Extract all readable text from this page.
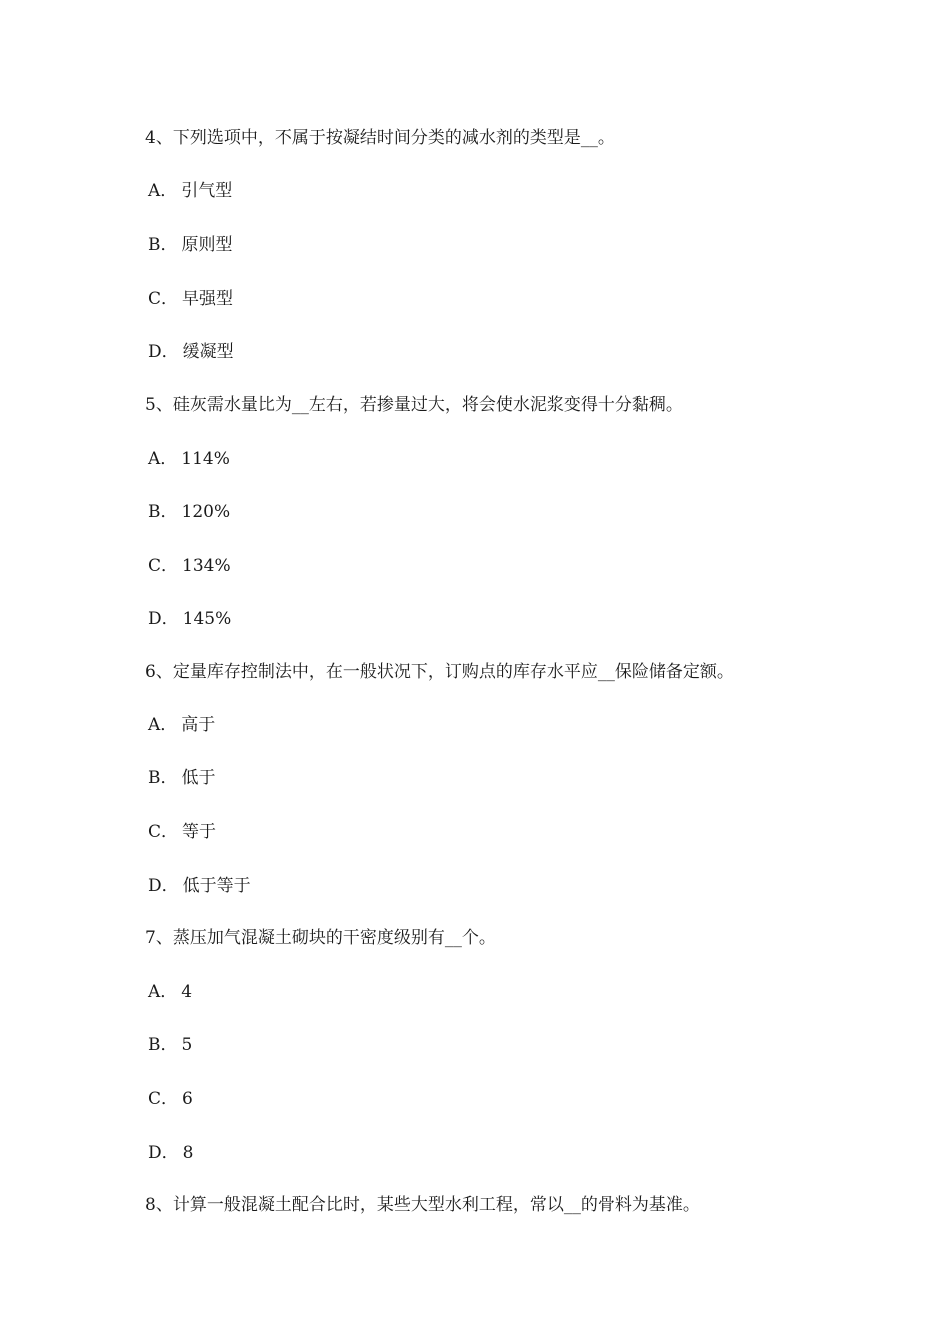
4、下列选项中，不属于按凝结时间分类的减水剂的类型是__。
A． 引气型
B． 原则型
C． 早强型
D． 缓凝型
5、硅灰需水量比为__左右，若掺量过大，将会使水泥浆变得十分黏稠。
A． 114%
B． 120%
C． 134%
D． 145%
6、定量库存控制法中，在一般状况下，订购点的库存水平应__保险储备定额。
A． 高于
B． 低于
C． 等于
D． 低于等于
7、蒸压加气混凝土砌块的干密度级别有__个。
A． 4
B． 5
C． 6
D． 8
8、计算一般混凝土配合比时，某些大型水利工程，常以__的骨料为基准。
